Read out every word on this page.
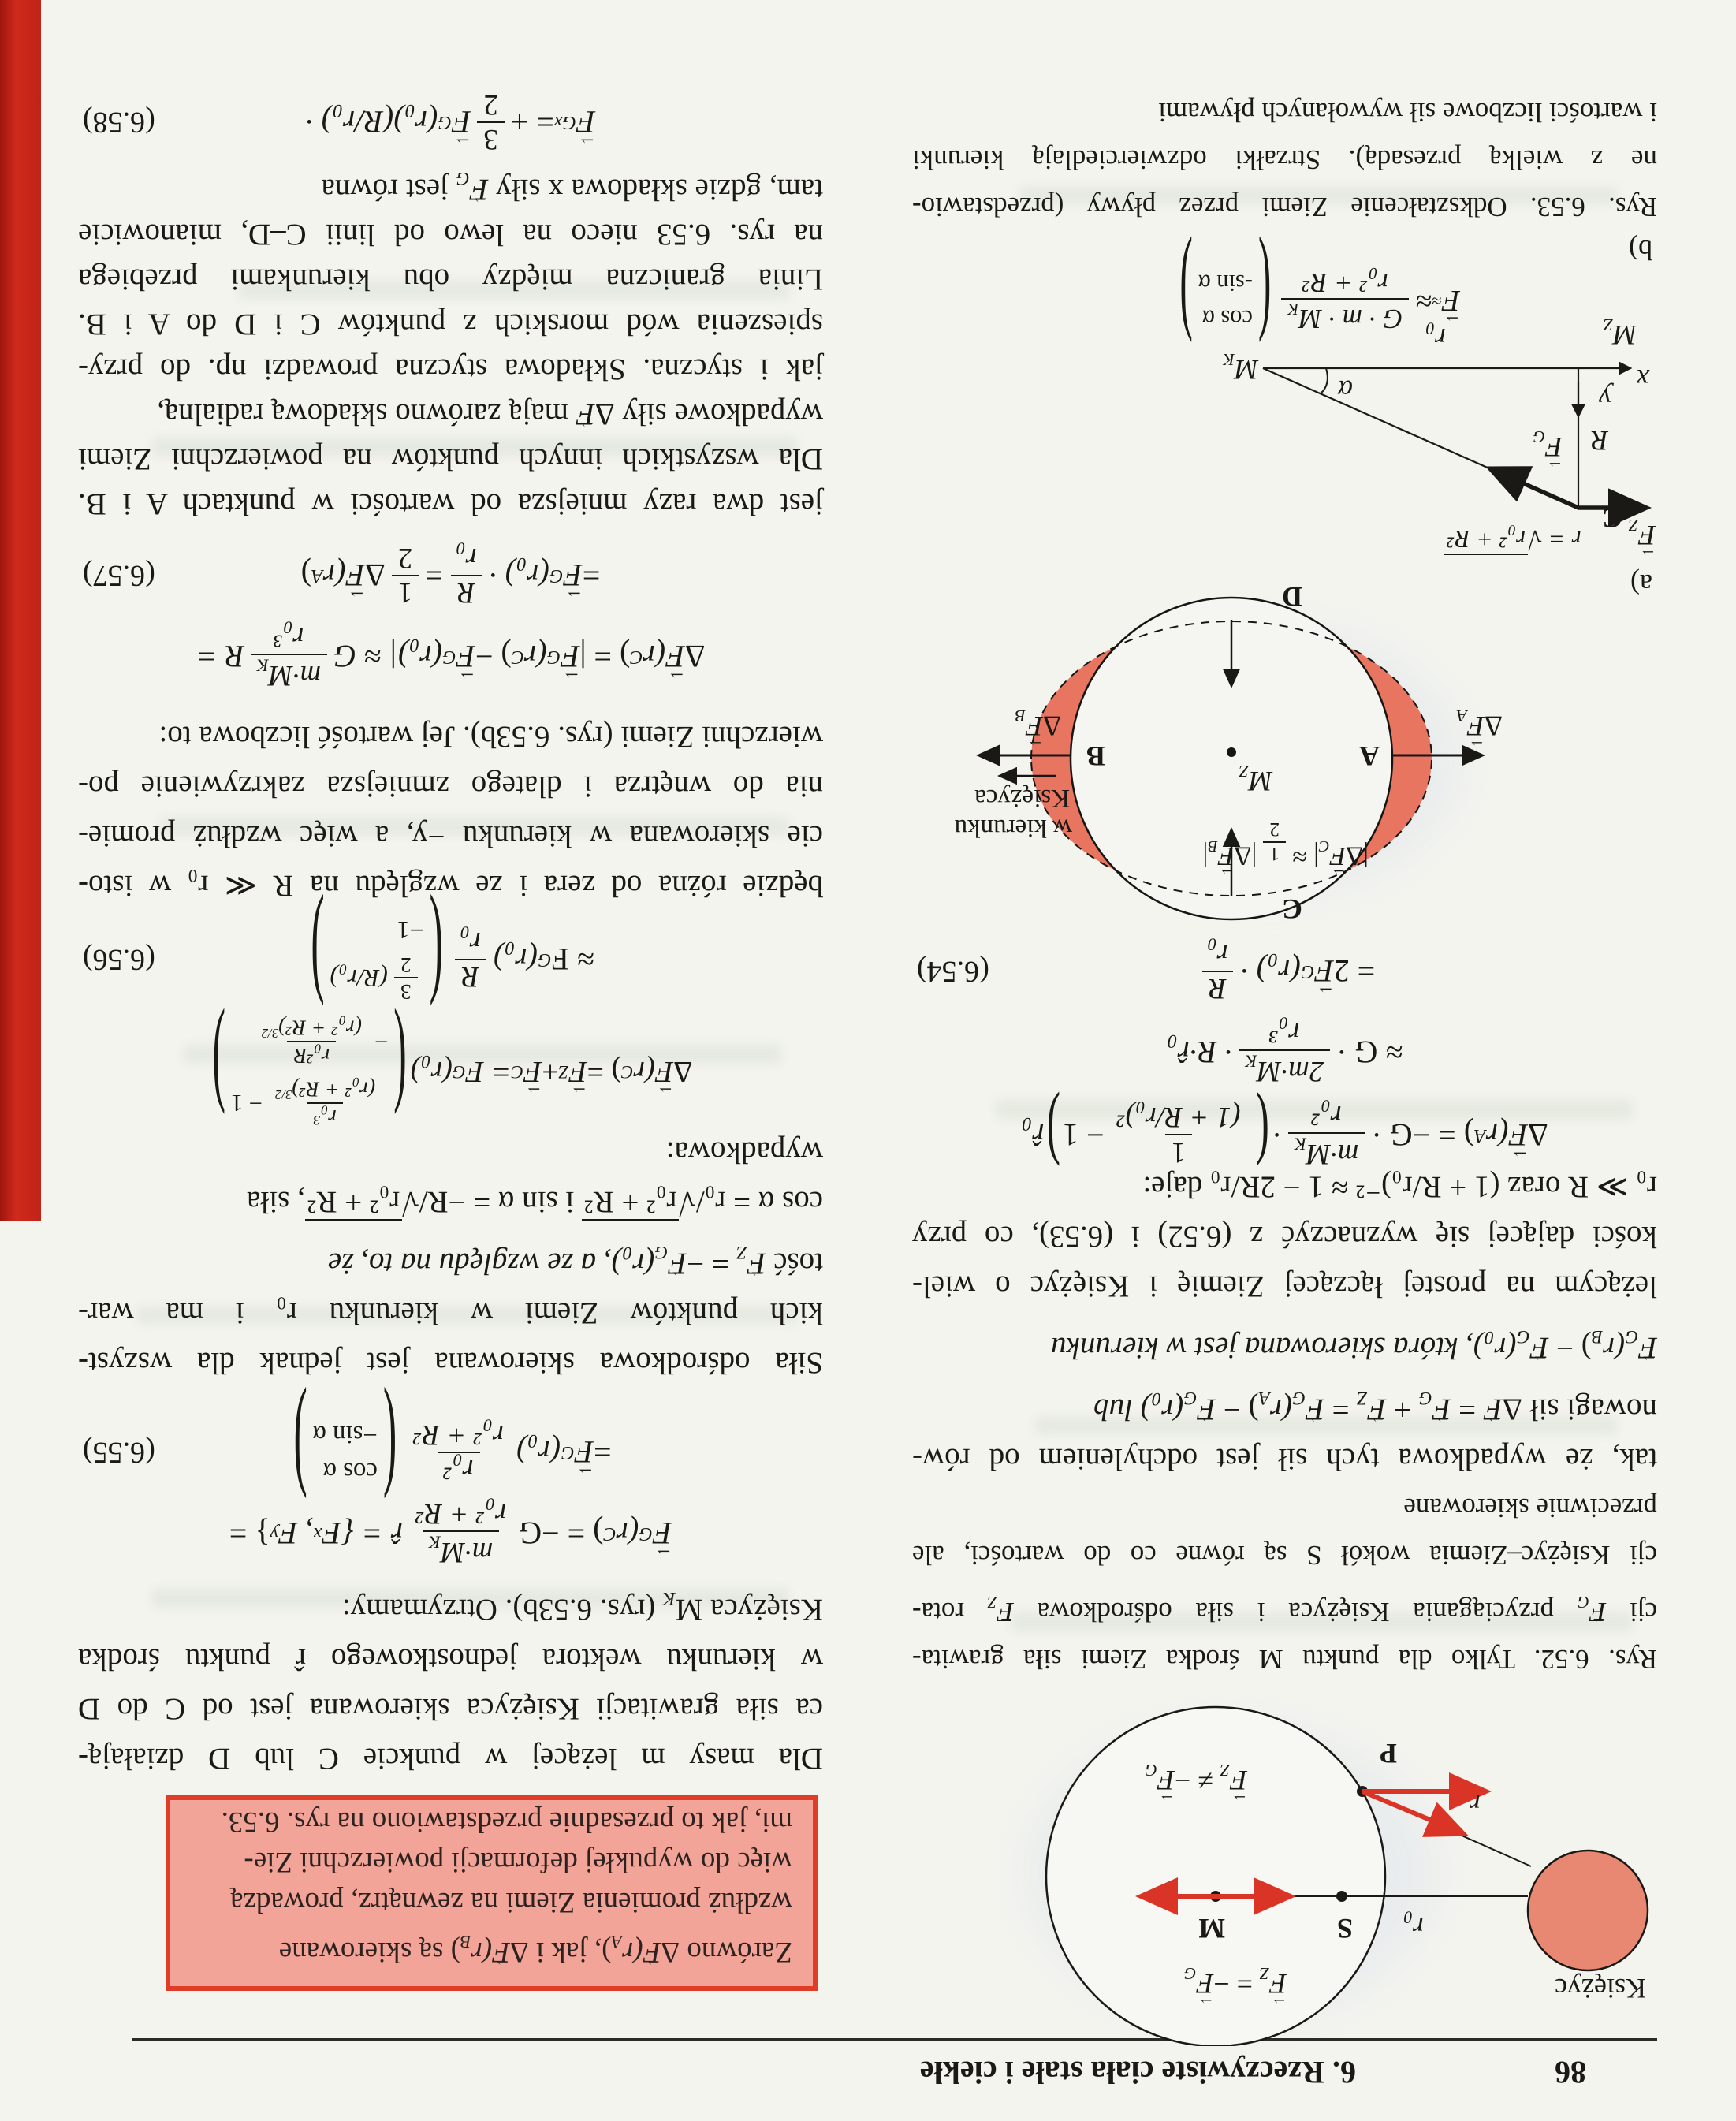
86
6. Rzeczywiste ciała stałe i ciekłe
Księżyc
r₀
r
S
M
P
⇀ $F_Z$ = −⇀ $F_G$
⇀ $F_Z$ ≠ −⇀ $F_G$
Rys. 6.52. Tylko dla punktu M środka Ziemi siła grawita-
cji ⇀ $F_G$ przyciągania Księżyca i siła odśrodkowa ⇀ $F_Z$ rota-
cji Księżyc–Ziemia wokół S są równe co do wartości, ale
przeciwnie skierowane
tak, że wypadkowa tych sił jest odchyleniem od rów-
nowagi sił Δ⇀ F = ⇀ $F_G$ + ⇀ $F_Z$ = ⇀ $F_G(r_A)$ − ⇀ $F_G(r_0)$ lub
⇀ $F_G(r_B)$ − ⇀ $F_G(r_0)$, która skierowana jest w kierunku
leżącym na prostej łączącej Ziemię i Księżyc o wiel-
kości dającej się wyznaczyć z (6.52) i (6.53), co przy
r₀ ≫ R oraz (1 + R/r₀)⁻² ≈ 1 − 2R/r₀ daje:
Δ
⇀ F
(r
A
) = −G ·
$m\cdot M_K$
r₀²
·
(
1
(1 + R/r₀)²
− 1
)
r̂₀
≈ G ·
$2m\cdot M_K$
r₀³
· R·r̂₀
= 2
⇀ F
G
(r₀) ·
R
r₀
(6.54)
C
D
A
B
$M_Z$
|Δ⇀ $F_C|$ ≈
1
2
|Δ⇀ $F_B|$
Δ⇀ $F_A$
Δ⇀ $F_B$
w kierunku
Księżyca
a)
C
y
x
$M_Z$
$M_K$
r₀
R
α
r = √r₀² + R²
⇀ $F_G$
⇀ $F_Z$
⇀ F
≈
≈
$G \cdot m \cdot M_K$
r₀² + R²
(
cos α
-sin α
)	b)
Rys. 6.53. Odkształcenie Ziemi przez pływy (przedstawio-
ne z wielką przesadą). Strzałki odzwierciedlają kierunki
i wartości liczbowe sił wywołanych pływami
Zarówno Δ⇀ $F(r_A)$, jak i Δ⇀ $F(r_B)$ są skierowane
wzdłuż promienia Ziemi na zewnątrz, prowadzą
więc do wypukłej deformacji powierzchni Zie-
mi, jak to przesadnie przedstawiono na rys. 6.53.
Dla masy m leżącej w punkcie C lub D działają-
ca siła grawitacji Księżyca skierowana jest od C do D
w kierunku wektora jednostkowego r̂ punktu środka
Księżyca $M_K$ (rys. 6.53b). Otrzymamy:
⇀ F
G
(r
C
) = −G
$m\cdot M_K$
r₀² + R²
r̂ = {F
x
, F
y
} =
=
⇀ F
G
(r₀)
r₀²
r₀² + R²
(
cos α
−sin α
)
(6.55)
Siła odśrodkowa skierowana jest jednak dla wszyst-
kich punktów Ziemi w kierunku r₀ i ma war-
tość ⇀ $F_Z$ = −⇀ $F_G(r_0)$, a ze względu na to, że
cos α = r₀/√r₀² + R² i sin α = −R/√r₀² + R², siła
wypadkowa:
Δ
⇀ F
(r
C
) =
⇀ F
Z
+
⇀ F
C
= F
G
(r₀)
(
r₀³
$(r_0^2 + R^2)^{3/2}$
− 1
−
r₀²R
$(r_0^2 + R^2)^{3/2}$
)
≈ F
G
(r₀)
R
r₀
(
3
2
(R/r₀)
−1
)
(6.56)
będzie różna od zera i ze względu na R ≪ r₀ w isto-
cie skierowana w kierunku −y, a więc wzdłuż promie-
nia do wnętrza i dlatego zmniejsza zakrzywienie po-
wierzchni Ziemi (rys. 6.53b). Jej wartość liczbowa to:
Δ
⇀ F
(r
C
) = |
⇀ F
G
(r
C
) −
⇀ F
G
(r₀)| ≈ G
$m\cdot M_K$
r₀³
R =
=
⇀ F
G
(r₀) ·
R
r₀
=
1
2
Δ
⇀ F
(r
A
)
(6.57)
jest dwa razy mniejsza od wartości w punktach A i B.
Dla wszystkich innych punktów na powierzchni Ziemi
wypadkowe siły Δ⇀ F mają zarówno składową radialną,
jak i styczna. Składowa styczna prowadzi np. do przy-
spieszenia wód morskich z punktów C i D do A i B.
Linia graniczna między obu kierunkami przebiega
na rys. 6.53 nieco na lewo od linii C–D, mianowicie
tam, gdzie składowa x siły ⇀ $F_G$ jest równa
⇀ F
Gx
= +
3
2
⇀ F
G
(r₀)(R/r₀) ·
(6.58)
